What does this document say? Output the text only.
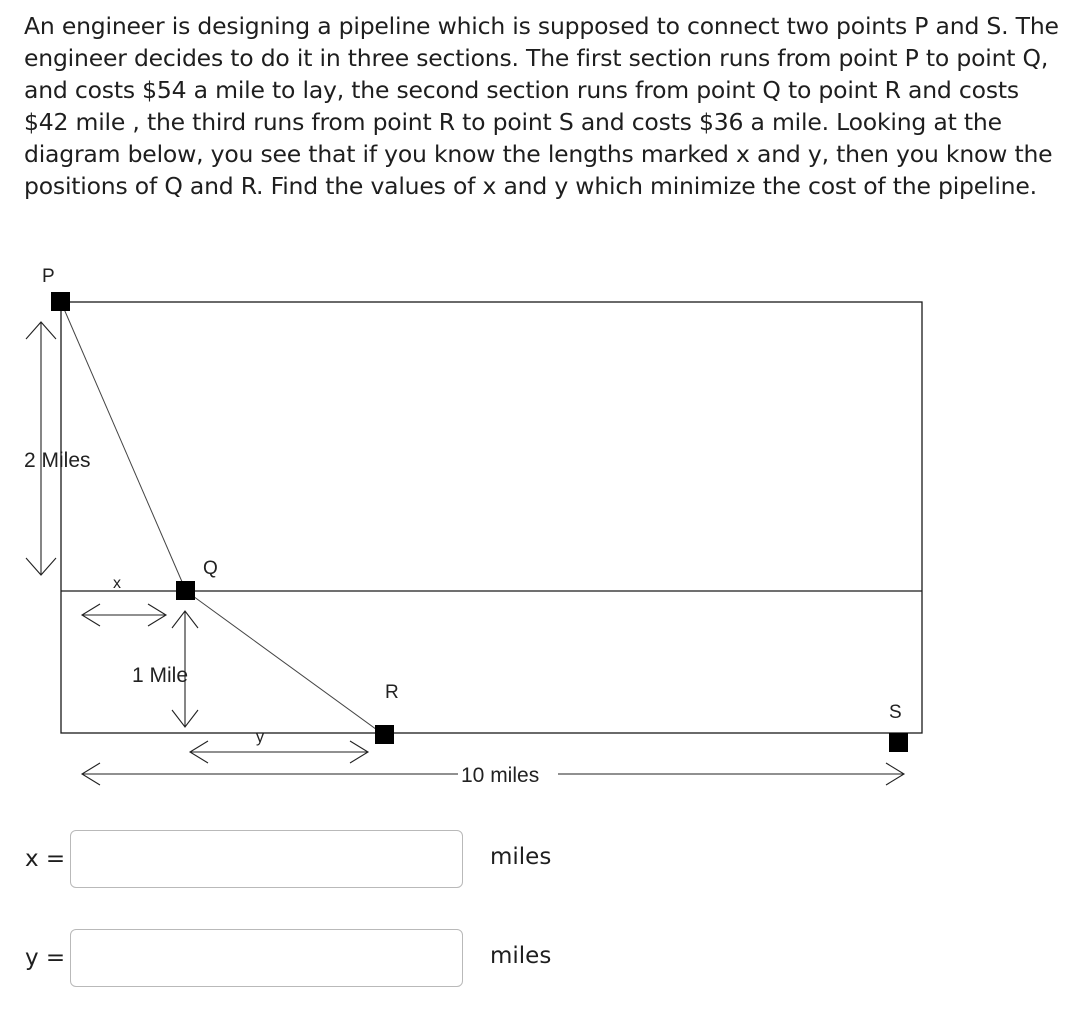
An engineer is designing a pipeline which is supposed to connect two points P and S. The engineer decides to do it in three sections. The first section runs from point P to point Q, and costs $54 a mile to lay, the second section runs from point Q to point R and costs $42 mile , the third runs from point R to point S and costs $36 a mile. Looking at the diagram below, you see that if you know the lengths marked x and y, then you know the positions of Q and R. Find the values of x and y which minimize the cost of the pipeline.

2 Miles
x
1 Mile
y
10 miles
P
Q
R
S
x =	miles
y =	miles
